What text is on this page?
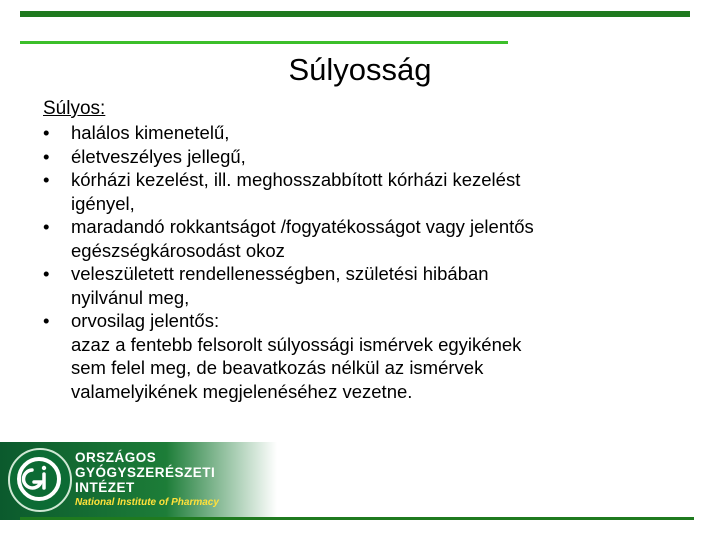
Súlyosság
Súlyos:
• halálos kimenetelű,
• életveszélyes jellegű,
• kórházi kezelést, ill. meghosszabbított kórházi kezelést
igényel,
• maradandó rokkantságot /fogyatékosságot vagy jelentős
egészségkárosodást okoz
• veleszületett rendellenességben, születési hibában
nyilvánul meg,
• orvosilag jelentős:
azaz a fentebb felsorolt súlyossági ismérvek egyikének
sem felel meg, de beavatkozás nélkül az ismérvek
valamelyikének megjelenéséhez vezetne.
ORSZÁGOS
GYÓGYSZERÉSZETI
INTÉZET
National Institute of Pharmacy
